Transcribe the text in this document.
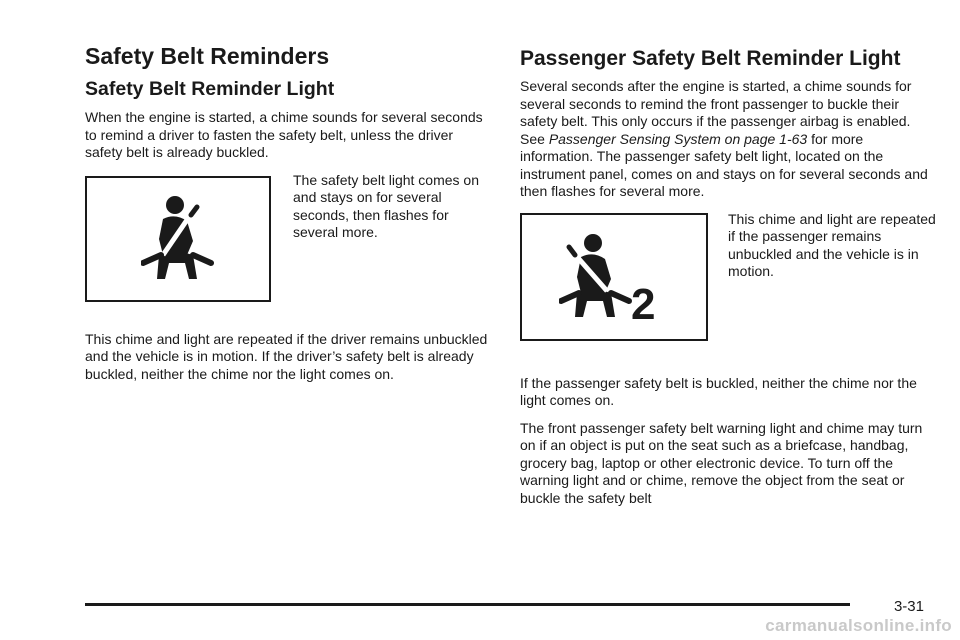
Safety Belt Reminders
Safety Belt Reminder Light

When the engine is started, a chime sounds for several seconds to remind a driver to fasten the safety belt, unless the driver safety belt is already buckled.

The safety belt light comes on and stays on for several seconds, then flashes for several more.

This chime and light are repeated if the driver remains unbuckled and the vehicle is in motion. If the driver’s safety belt is already buckled, neither the chime nor the light comes on.

Passenger Safety Belt Reminder Light

Several seconds after the engine is started, a chime sounds for several seconds to remind the front passenger to buckle their safety belt. This only occurs if the passenger airbag is enabled. See Passenger Sensing System on page 1-63 for more information. The passenger safety belt light, located on the instrument panel, comes on and stays on for several seconds and then flashes for several more.

2

This chime and light are repeated if the passenger remains unbuckled and the vehicle is in motion.

If the passenger safety belt is buckled, neither the chime nor the light comes on.

The front passenger safety belt warning light and chime may turn on if an object is put on the seat such as a briefcase, handbag, grocery bag, laptop or other electronic device. To turn off the warning light and or chime, remove the object from the seat or buckle the safety belt

3-31
carmanualsonline.info
